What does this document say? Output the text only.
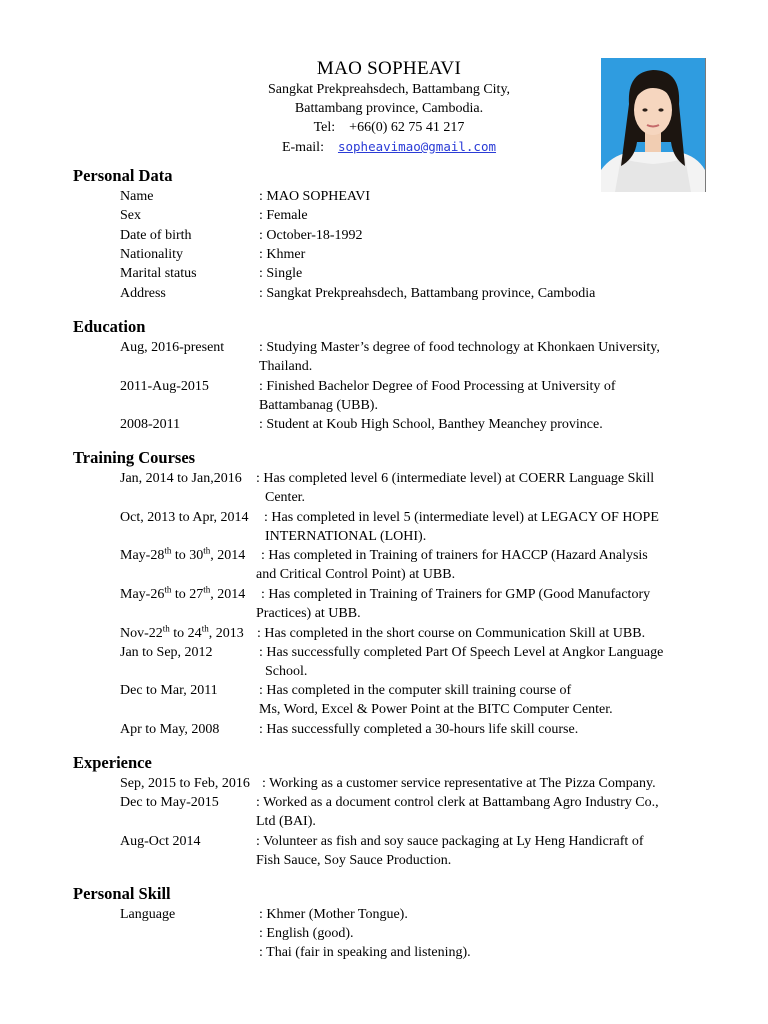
MAO SOPHEAVI
Sangkat Prekpreahsdech, Battambang City,
Battambang province, Cambodia.
Tel: +66(0) 62 75 41 217
E-mail: sopheavimao@gmail.com
Personal Data
Name	: MAO SOPHEAVI
Sex	: Female
Date of birth	: October-18-1992
Nationality	: Khmer
Marital status	: Single
Address	: Sangkat Prekpreahsdech, Battambang province, Cambodia
Education
Aug, 2016-present : Studying Master’s degree of food technology at Khonkaen University,
Thailand.
2011-Aug-2015	: Finished Bachelor Degree of Food Processing at University of
Battambanag (UBB).
2008-2011	: Student at Koub High School, Banthey Meanchey province.
Training Courses
Jan, 2014 to Jan,2016 : Has completed level 6 (intermediate level) at COERR Language Skill
Center.
Oct, 2013 to Apr, 2014 : Has completed in level 5 (intermediate level) at LEGACY OF HOPE
INTERNATIONAL (LOHI).
May-28th to 30th, 2014 : Has completed in Training of trainers for HACCP (Hazard Analysis
and Critical Control Point) at UBB.
May-26th to 27th, 2014 : Has completed in Training of Trainers for GMP (Good Manufactory
Practices) at UBB.
Nov-22th to 24th, 2013 : Has completed in the short course on Communication Skill at UBB.
Jan to Sep, 2012	: Has successfully completed Part Of Speech Level at Angkor Language
School.
Dec to Mar, 2011	: Has completed in the computer skill training course of
Ms, Word, Excel & Power Point at the BITC Computer Center.
Apr to May, 2008	: Has successfully completed a 30-hours life skill course.
Experience
Sep, 2015 to Feb, 2016 : Working as a customer service representative at The Pizza Company.
Dec to May-2015	: Worked as a document control clerk at Battambang Agro Industry Co.,
Ltd (BAI).
Aug-Oct 2014	: Volunteer as fish and soy sauce packaging at Ly Heng Handicraft of
Fish Sauce, Soy Sauce Production.
Personal Skill
Language	: Khmer (Mother Tongue).
: English (good).
: Thai (fair in speaking and listening).
